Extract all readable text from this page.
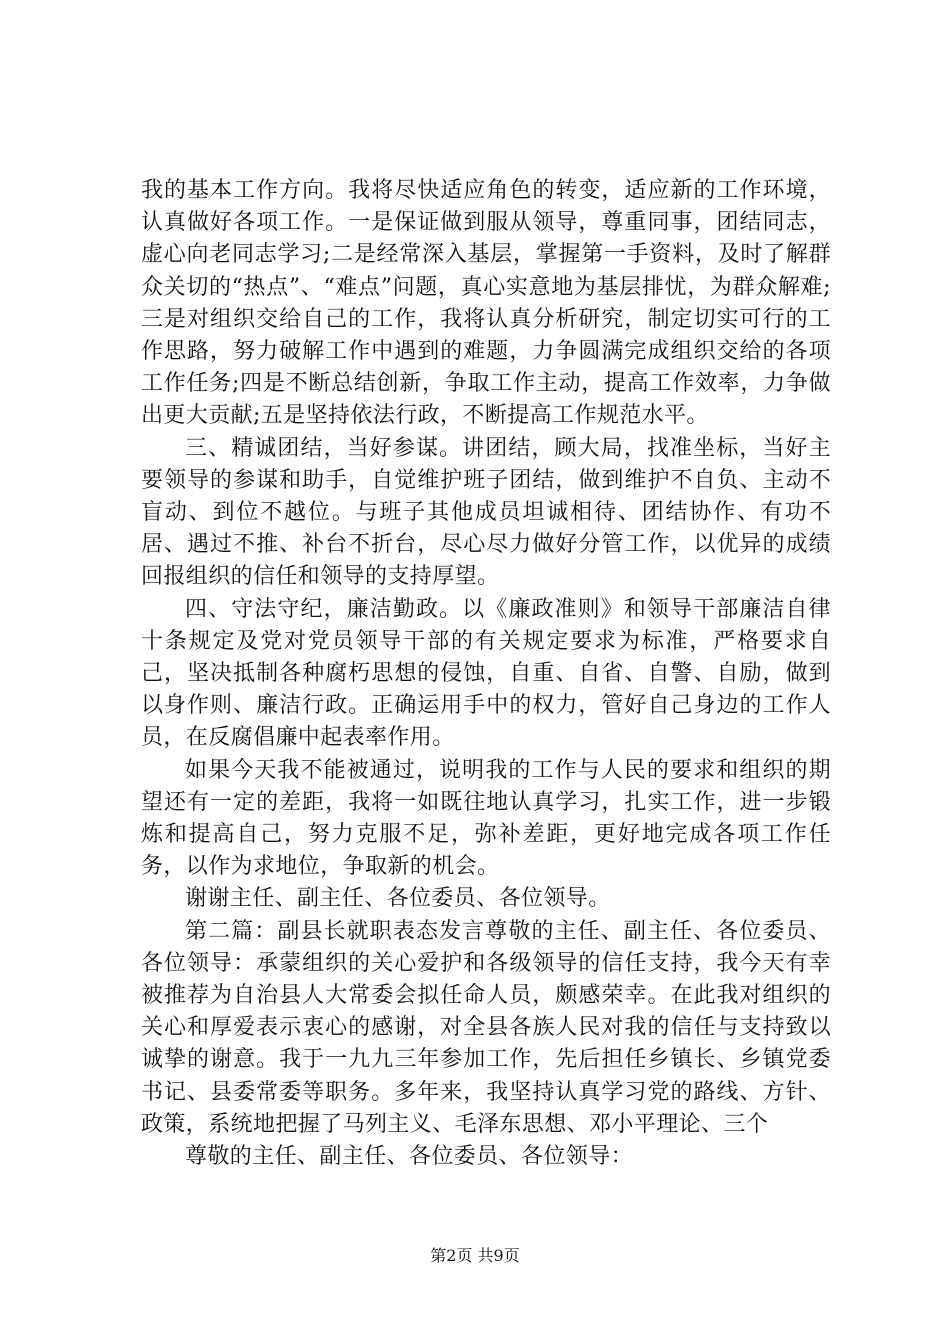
我的基本工作方向。我将尽快适应角色的转变，适应新的工作环境，认真做好各项工作。一是保证做到服从领导，尊重同事，团结同志，虚心向老同志学习;二是经常深入基层，掌握第一手资料，及时了解群众关切的“热点”、“难点”问题，真心实意地为基层排忧，为群众解难;三是对组织交给自己的工作，我将认真分析研究，制定切实可行的工作思路，努力破解工作中遇到的难题，力争圆满完成组织交给的各项工作任务;四是不断总结创新，争取工作主动，提高工作效率，力争做出更大贡献;五是坚持依法行政，不断提高工作规范水平。

三、精诚团结，当好参谋。讲团结，顾大局，找准坐标，当好主要领导的参谋和助手，自觉维护班子团结，做到维护不自负、主动不盲动、到位不越位。与班子其他成员坦诚相待、团结协作、有功不居、遇过不推、补台不折台，尽心尽力做好分管工作，以优异的成绩回报组织的信任和领导的支持厚望。

四、守法守纪，廉洁勤政。以《廉政准则》和领导干部廉洁自律十条规定及党对党员领导干部的有关规定要求为标准，严格要求自己，坚决抵制各种腐朽思想的侵蚀，自重、自省、自警、自励，做到以身作则、廉洁行政。正确运用手中的权力，管好自己身边的工作人员，在反腐倡廉中起表率作用。

如果今天我不能被通过，说明我的工作与人民的要求和组织的期望还有一定的差距，我将一如既往地认真学习，扎实工作，进一步锻炼和提高自己，努力克服不足，弥补差距，更好地完成各项工作任务，以作为求地位，争取新的机会。

谢谢主任、副主任、各位委员、各位领导。

第二篇：副县长就职表态发言尊敬的主任、副主任、各位委员、各位领导：承蒙组织的关心爱护和各级领导的信任支持，我今天有幸被推荐为自治县人大常委会拟任命人员，颇感荣幸。在此我对组织的关心和厚爱表示衷心的感谢，对全县各族人民对我的信任与支持致以诚挚的谢意。我于一九九三年参加工作，先后担任乡镇长、乡镇党委书记、县委常委等职务。多年来，我坚持认真学习党的路线、方针、政策，系统地把握了马列主义、毛泽东思想、邓小平理论、三个

尊敬的主任、副主任、各位委员、各位领导：

第2页 共9页
